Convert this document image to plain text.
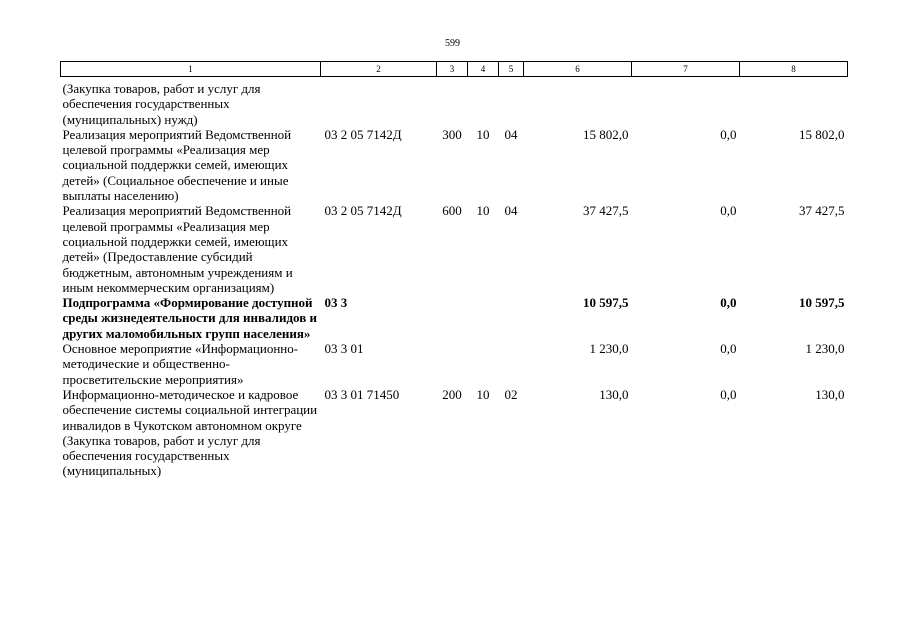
599
1	2	3	4	5	6	7	8
(Закупка товаров, работ и услуг для обеспечения государственных (муниципальных) нужд)							
Реализация мероприятий Ведомственной целевой программы «Реализация мер социальной поддержки семей, имеющих детей» (Социальное обеспечение и иные выплаты населению)	03 2 05 7142Д	300	10	04	15 802,0	0,0	15 802,0
Реализация мероприятий Ведомственной целевой программы «Реализация мер социальной поддержки семей, имеющих детей» (Предоставление субсидий бюджетным, автономным учреждениям и иным некоммерческим организациям)	03 2 05 7142Д	600	10	04	37 427,5	0,0	37 427,5
Подпрограмма «Формирование доступной среды жизнедеятельности для инвалидов и других маломобильных групп населения»	03 3				10 597,5	0,0	10 597,5
Основное мероприятие «Информационно-методические и общественно-просветительские мероприятия»	03 3 01				1 230,0	0,0	1 230,0
Информационно-методическое и кадровое обеспечение системы социальной интеграции инвалидов в Чукотском автономном округе (Закупка товаров, работ и услуг для обеспечения государственных (муниципальных)	03 3 01 71450	200	10	02	130,0	0,0	130,0
